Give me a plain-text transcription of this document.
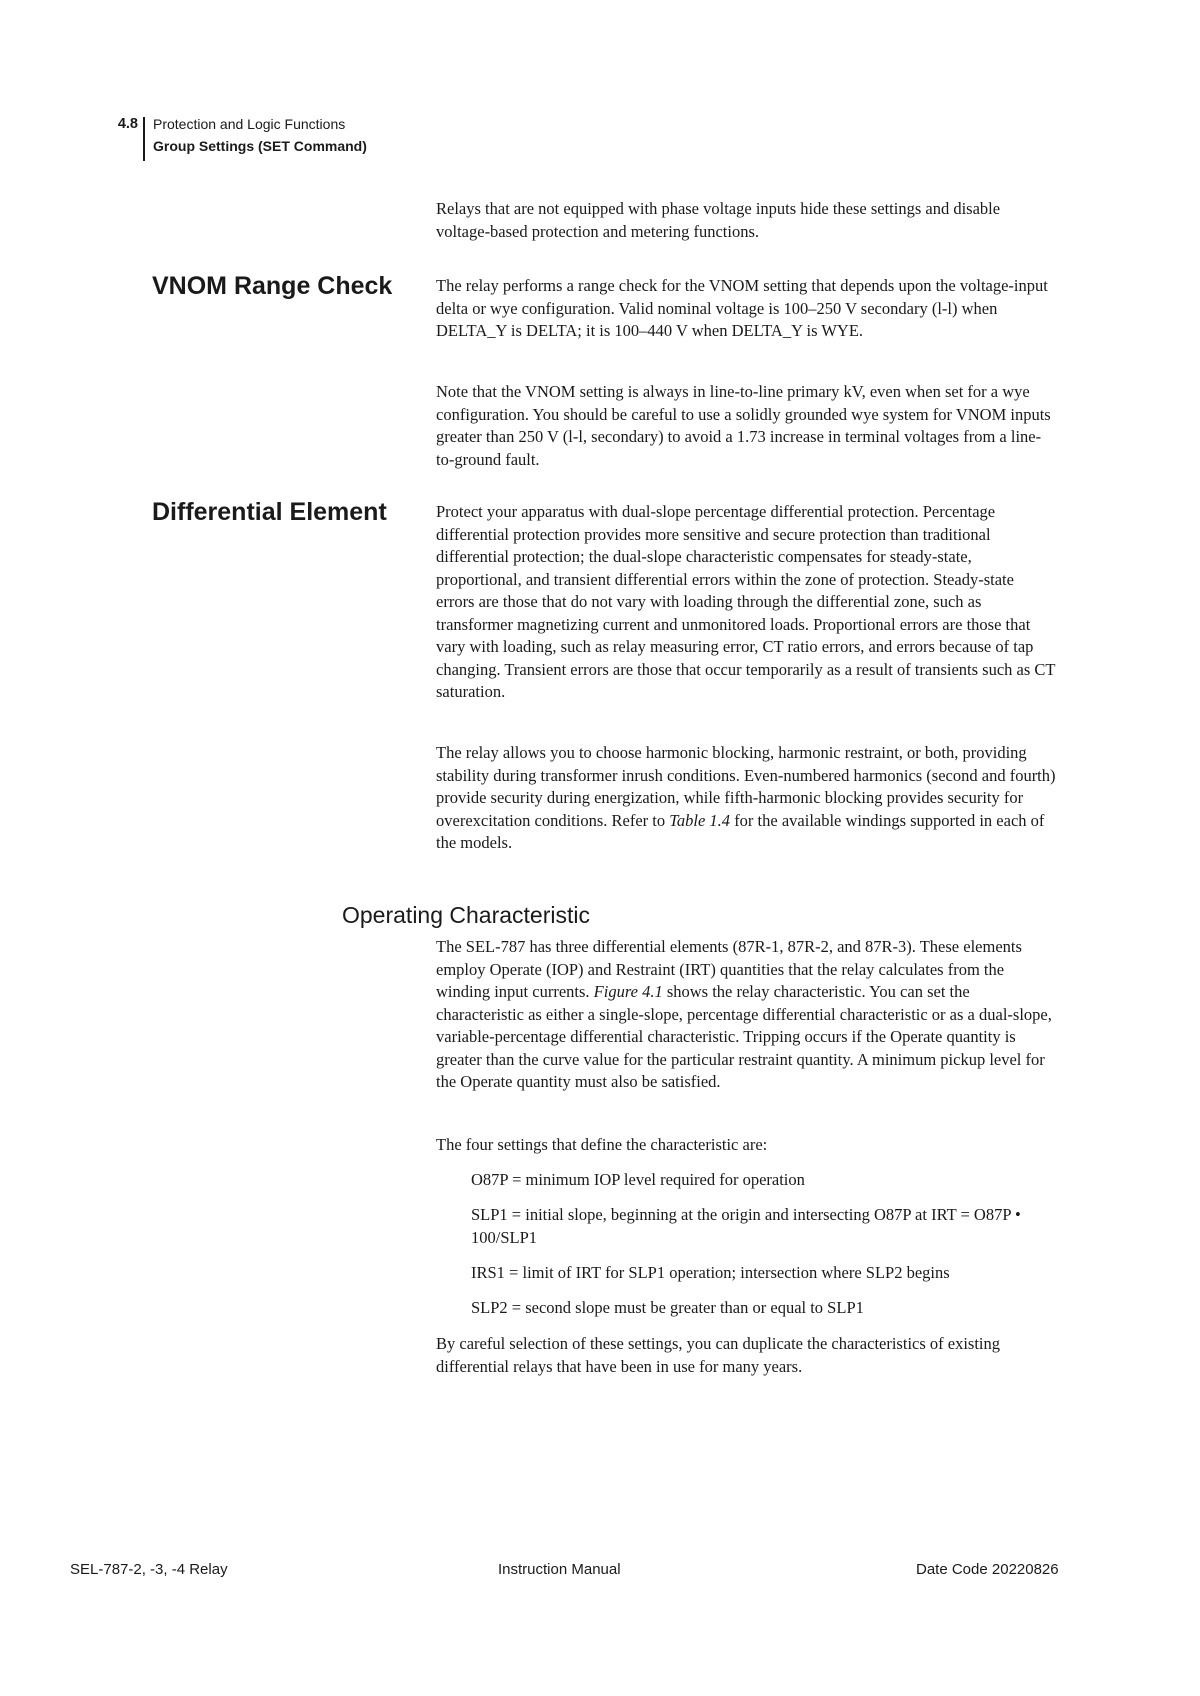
4.8 Protection and Logic Functions
Group Settings (SET Command)

Relays that are not equipped with phase voltage inputs hide these settings and disable voltage-based protection and metering functions.

VNOM Range Check	The relay performs a range check for the VNOM setting that depends upon the voltage-input delta or wye configuration. Valid nominal voltage is 100–250 V secondary (l-l) when DELTA_Y is DELTA; it is 100–440 V when DELTA_Y is WYE.

Note that the VNOM setting is always in line-to-line primary kV, even when set for a wye configuration. You should be careful to use a solidly grounded wye system for VNOM inputs greater than 250 V (l-l, secondary) to avoid a 1.73 increase in terminal voltages from a line-to-ground fault.

Differential Element	Protect your apparatus with dual-slope percentage differential protection. Percentage differential protection provides more sensitive and secure protection than traditional differential protection; the dual-slope characteristic compensates for steady-state, proportional, and transient differential errors within the zone of protection. Steady-state errors are those that do not vary with loading through the differential zone, such as transformer magnetizing current and unmonitored loads. Proportional errors are those that vary with loading, such as relay measuring error, CT ratio errors, and errors because of tap changing. Transient errors are those that occur temporarily as a result of transients such as CT saturation.

The relay allows you to choose harmonic blocking, harmonic restraint, or both, providing stability during transformer inrush conditions. Even-numbered harmonics (second and fourth) provide security during energization, while fifth-harmonic blocking provides security for overexcitation conditions. Refer to Table 1.4 for the available windings supported in each of the models.

Operating Characteristic

The SEL-787 has three differential elements (87R-1, 87R-2, and 87R-3). These elements employ Operate (IOP) and Restraint (IRT) quantities that the relay calculates from the winding input currents. Figure 4.1 shows the relay characteristic. You can set the characteristic as either a single-slope, percentage differential characteristic or as a dual-slope, variable-percentage differential characteristic. Tripping occurs if the Operate quantity is greater than the curve value for the particular restraint quantity. A minimum pickup level for the Operate quantity must also be satisfied.

The four settings that define the characteristic are:

O87P = minimum IOP level required for operation

SLP1 = initial slope, beginning at the origin and intersecting O87P at IRT = O87P • 100/SLP1

IRS1 = limit of IRT for SLP1 operation; intersection where SLP2 begins

SLP2 = second slope must be greater than or equal to SLP1

By careful selection of these settings, you can duplicate the characteristics of existing differential relays that have been in use for many years.

SEL-787-2, -3, -4 Relay	Instruction Manual	Date Code 20220826
